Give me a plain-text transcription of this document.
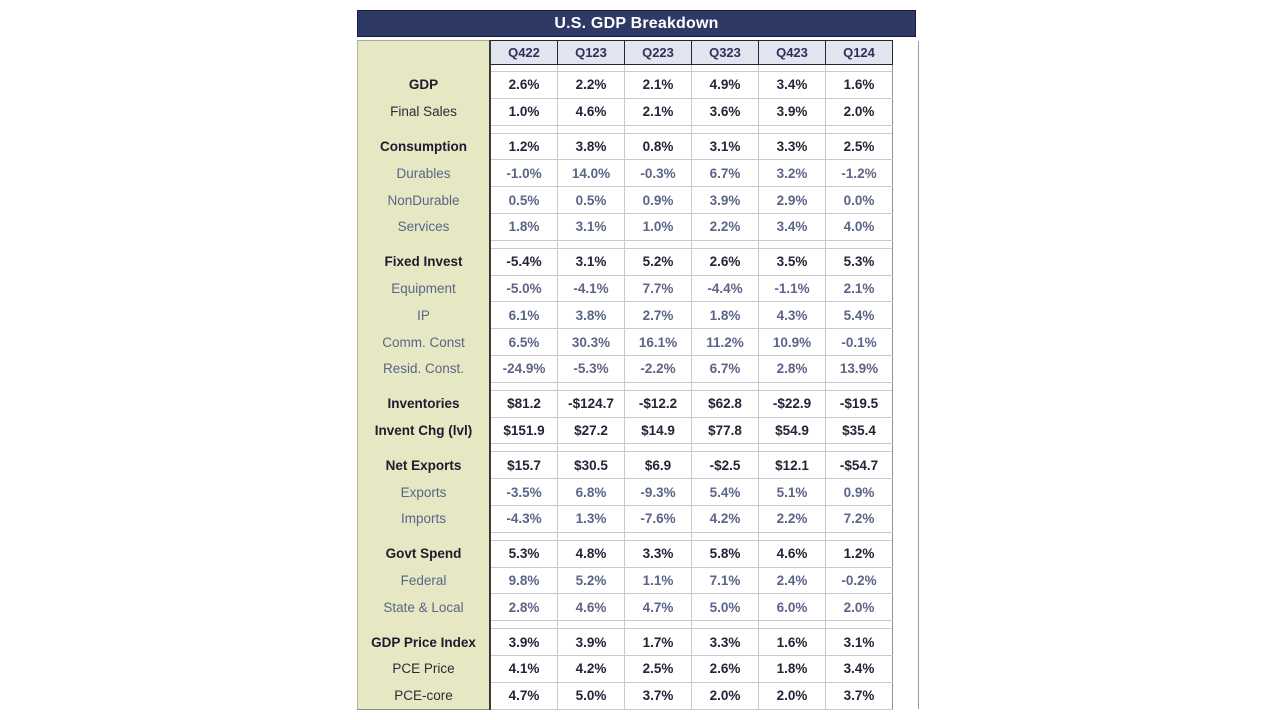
U.S. GDP Breakdown
	Q422	Q123	Q223	Q323	Q423	Q124	

GDP	2.6%	2.2%	2.1%	4.9%	3.4%	1.6%	
Final Sales	1.0%	4.6%	2.1%	3.6%	3.9%	2.0%	

Consumption	1.2%	3.8%	0.8%	3.1%	3.3%	2.5%	
Durables	-1.0%	14.0%	-0.3%	6.7%	3.2%	-1.2%	
NonDurable	0.5%	0.5%	0.9%	3.9%	2.9%	0.0%	
Services	1.8%	3.1%	1.0%	2.2%	3.4%	4.0%	

Fixed Invest	-5.4%	3.1%	5.2%	2.6%	3.5%	5.3%	
Equipment	-5.0%	-4.1%	7.7%	-4.4%	-1.1%	2.1%	
IP	6.1%	3.8%	2.7%	1.8%	4.3%	5.4%	
Comm. Const	6.5%	30.3%	16.1%	11.2%	10.9%	-0.1%	
Resid. Const.	-24.9%	-5.3%	-2.2%	6.7%	2.8%	13.9%	

Inventories	$81.2	-$124.7	-$12.2	$62.8	-$22.9	-$19.5	
Invent Chg (lvl)	$151.9	$27.2	$14.9	$77.8	$54.9	$35.4	

Net Exports	$15.7	$30.5	$6.9	-$2.5	$12.1	-$54.7	
Exports	-3.5%	6.8%	-9.3%	5.4%	5.1%	0.9%	
Imports	-4.3%	1.3%	-7.6%	4.2%	2.2%	7.2%	

Govt Spend	5.3%	4.8%	3.3%	5.8%	4.6%	1.2%	
Federal	9.8%	5.2%	1.1%	7.1%	2.4%	-0.2%	
State & Local	2.8%	4.6%	4.7%	5.0%	6.0%	2.0%	

GDP Price Index	3.9%	3.9%	1.7%	3.3%	1.6%	3.1%	
PCE Price	4.1%	4.2%	2.5%	2.6%	1.8%	3.4%	
PCE-core	4.7%	5.0%	3.7%	2.0%	2.0%	3.7%	
